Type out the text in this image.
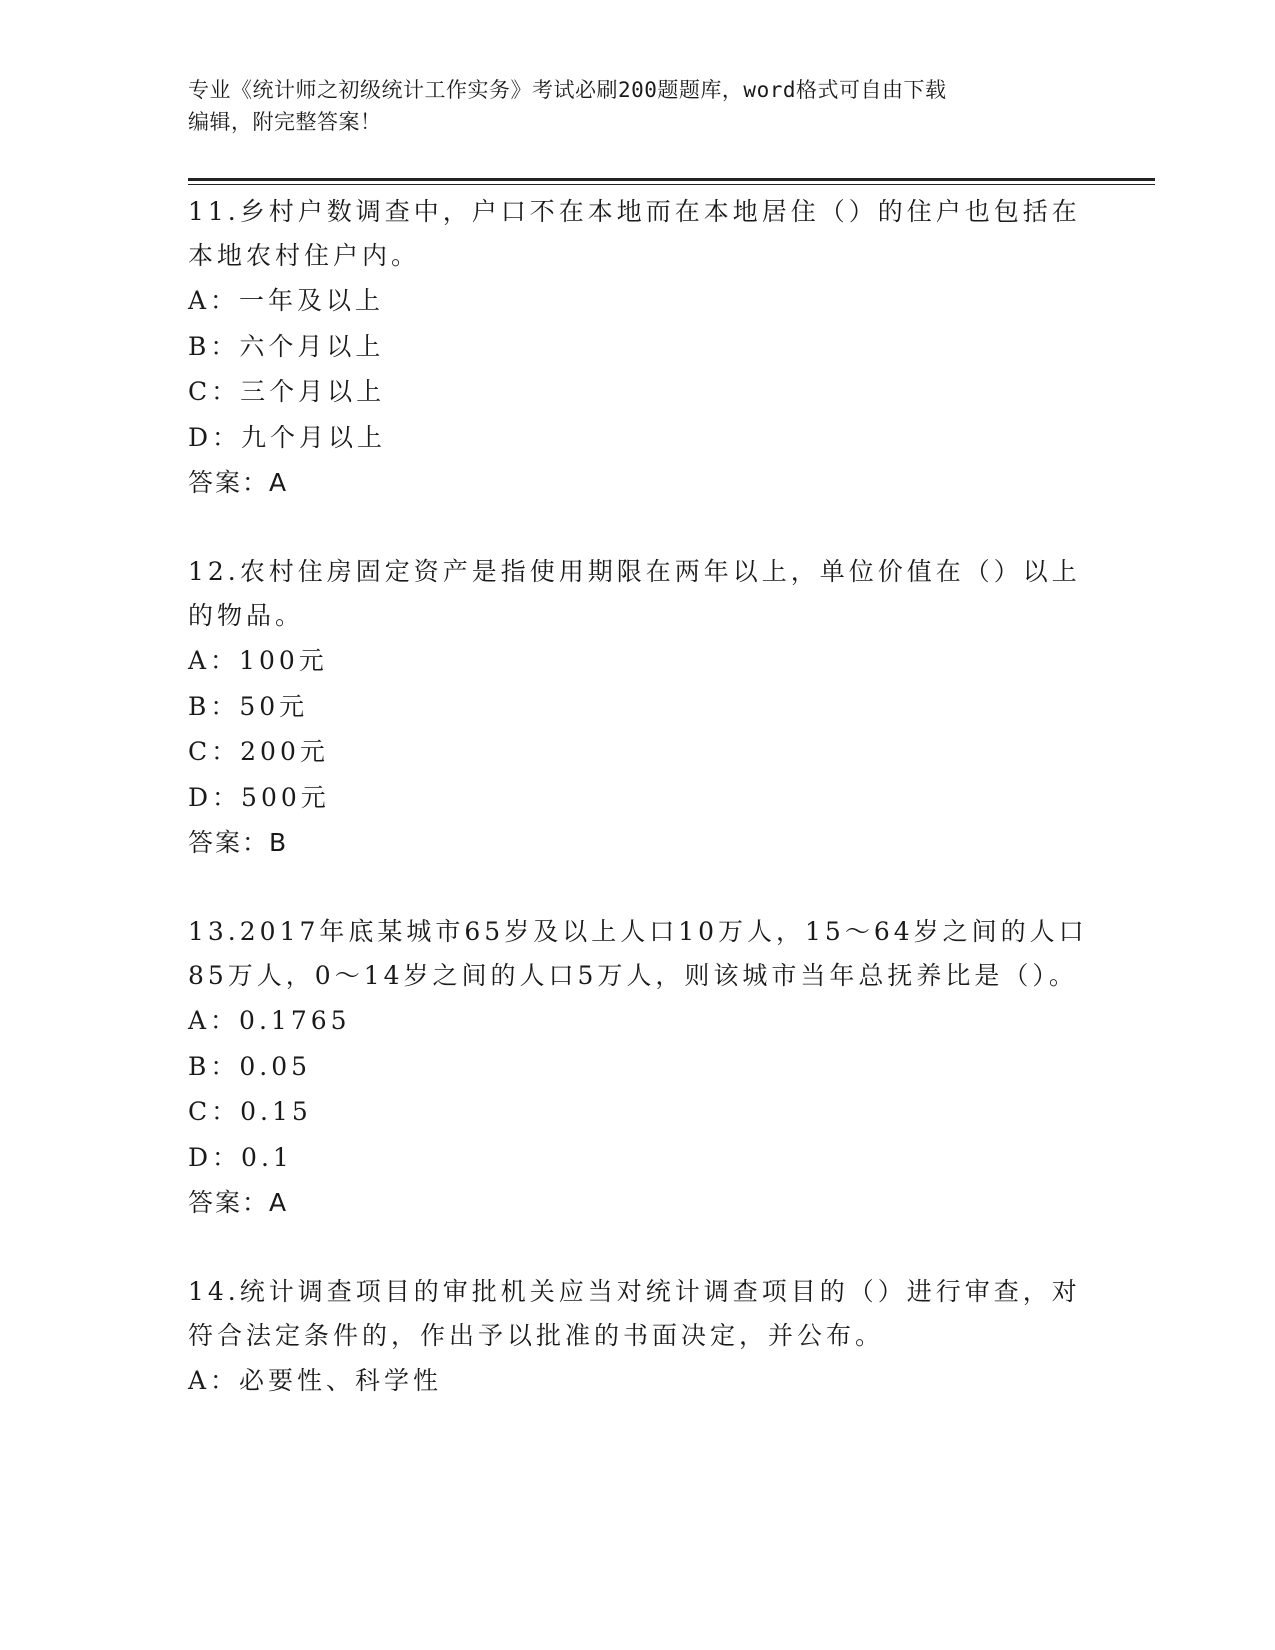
专业《统计师之初级统计工作实务》考试必刷200题题库，word格式可自由下载
编辑，附完整答案！
11.乡村户数调查中，户口不在本地而在本地居住（）的住户也包括在本地农村住户内。
A：一年及以上
B：六个月以上
C：三个月以上
D：九个月以上
答案：A
12.农村住房固定资产是指使用期限在两年以上，单位价值在（）以上的物品。
A：100元
B：50元
C：200元
D：500元
答案：B
13.2017年底某城市65岁及以上人口10万人，15～64岁之间的人口85万人，0～14岁之间的人口5万人，则该城市当年总抚养比是（）。
A：0.1765
B：0.05
C：0.15
D：0.1
答案：A
14.统计调查项目的审批机关应当对统计调查项目的（）进行审查，对符合法定条件的，作出予以批准的书面决定，并公布。
A：必要性、科学性
